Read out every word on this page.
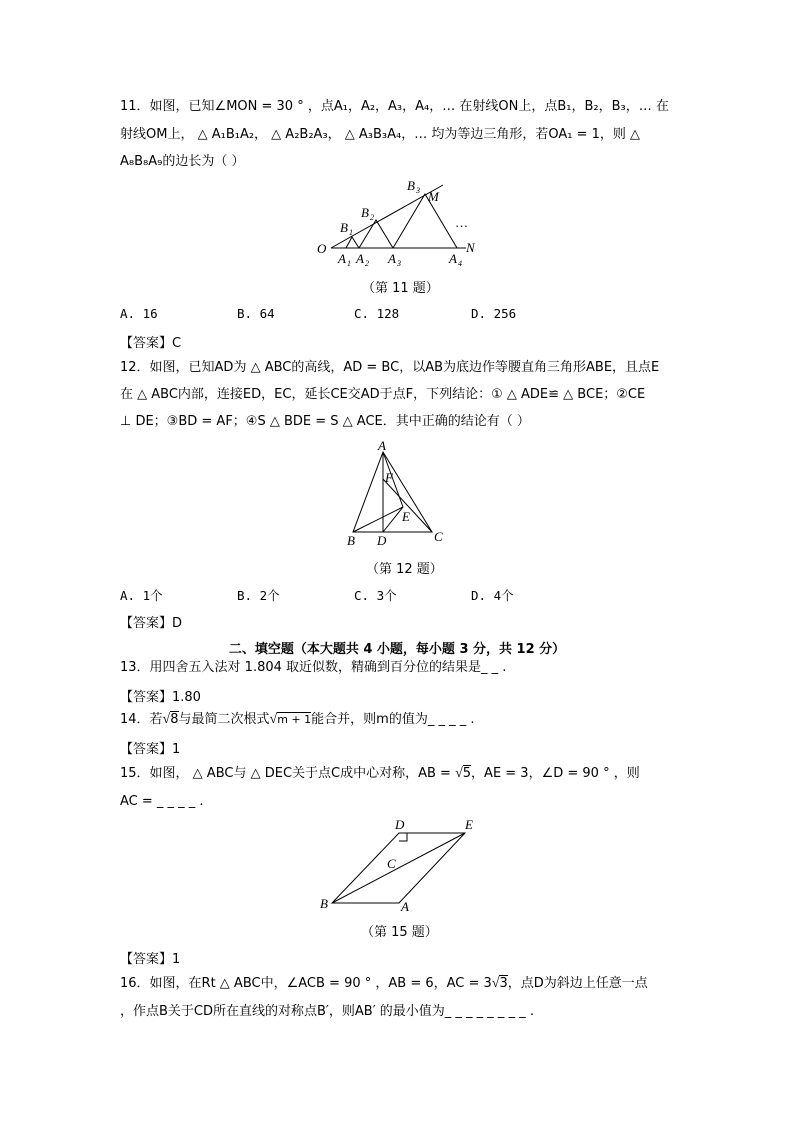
11．如图，已知∠MON = 30 ° ，点A₁，A₂，A₃，A₄，… 在射线ON上，点B₁，B₂，B₃，… 在
射线OM上， △ A₁B₁A₂， △ A₂B₂A₃， △ A₃B₃A₄，… 均为等边三角形，若OA₁ = 1，则 △
A₈B₈A₉的边长为（ ）
O	N
M
…
A 1 A 2 A 3	A 4
B 1
B 2
B 3
（第 11 题）
A. 16	B. 64	C. 128	D. 256
【答案】C
12．如图，已知AD为 △ ABC的高线，AD = BC，以AB为底边作等腰直角三角形ABE，且点E
在 △ ABC内部，连接ED，EC，延长CE交AD于点F，下列结论：① △ ADE≌ △ BCE；②CE
⊥ DE；③BD = AF；④S △ BDE = S △ ACE．其中正确的结论有（ ）
A
B	C
D
E
F
（第 12 题）
A. 1个	B. 2个	C. 3个	D. 4个
【答案】D
二、填空题（本大题共 4 小题，每小题 3 分，共 12 分）
13．用四舍五入法对 1.804 取近似数，精确到百分位的结果是_ _ .
【答案】1.80
14．若√8与最简二次根式√m + 1能合并，则m的值为_ _ _ _ .
【答案】1
15．如图， △ ABC与 △ DEC关于点C成中心对称，AB = √5，AE = 3，∠D = 90 ° ，则
AC = _ _ _ _ .
D	E
C
B	A
（第 15 题）
【答案】1
16．如图，在Rt △ ABC中，∠ACB = 90 ° ，AB = 6，AC = 3√3，点D为斜边上任意一点
，作点B关于CD所在直线的对称点B′，则AB′ 的最小值为_ _ _ _ _ _ _ _ .
